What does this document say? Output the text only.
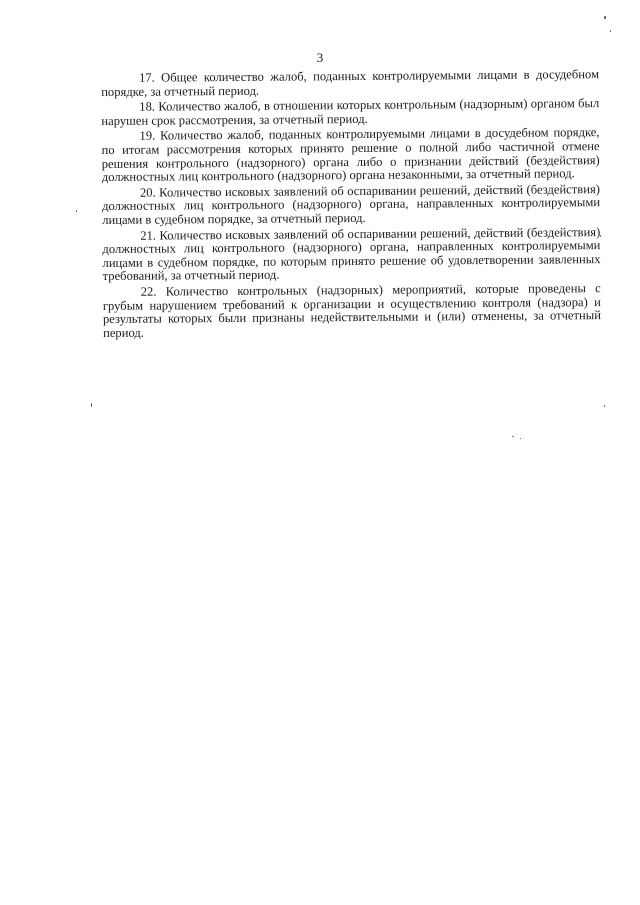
3

17. Общее количество жалоб, поданных контролируемыми лицами в досудебном порядке, за отчетный период.

18. Количество жалоб, в отношении которых контрольным (надзорным) органом был нарушен срок рассмотрения, за отчетный период.

19. Количество жалоб, поданных контролируемыми лицами в досудебном порядке, по итогам рассмотрения которых принято решение о полной либо частичной отмене решения контрольного (надзорного) органа либо о признании действий (бездействия) должностных лиц контрольного (надзорного) органа незаконными, за отчетный период.

20. Количество исковых заявлений об оспаривании решений, действий (бездействия) должностных лиц контрольного (надзорного) органа, направленных контролируемыми лицами в судебном порядке, за отчетный период.

21. Количество исковых заявлений об оспаривании решений, действий (бездействия) должностных лиц контрольного (надзорного) органа, направленных контролируемыми лицами в судебном порядке, по которым принято решение об удовлетворении заявленных требований, за отчетный период.

22. Количество контрольных (надзорных) мероприятий, которые проведены с грубым нарушением требований к организации и осуществлению контроля (надзора) и результаты которых были признаны недействительными и (или) отменены, за отчетный период.
